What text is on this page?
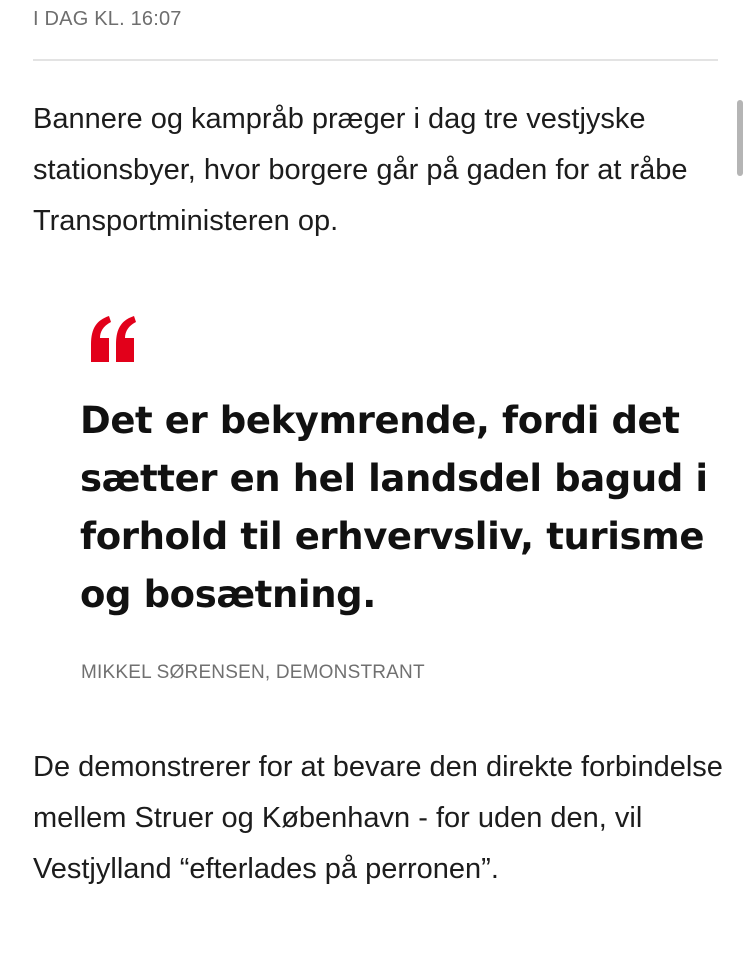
I DAG KL. 16:07

Bannere og kampråb præger i dag tre vestjyske stationsbyer, hvor borgere går på gaden for at råbe Transportministeren op.

Det er bekymrende, fordi det sætter en hel landsdel bagud i forhold til erhvervsliv, turisme og bosætning.

MIKKEL SØRENSEN, DEMONSTRANT

De demonstrerer for at bevare den direkte forbindelse mellem Struer og København - for uden den, vil Vestjylland “efterlades på perronen”.
